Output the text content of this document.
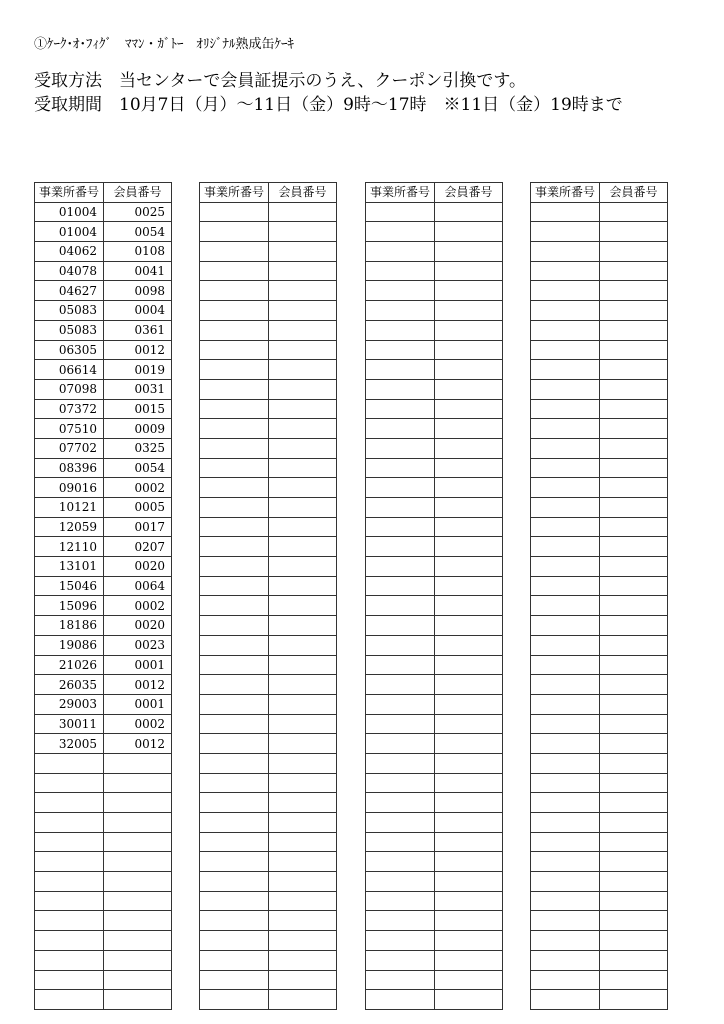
①ｹｰｸ･ｵ･ﾌｨｸﾞ　ﾏﾏﾝ・ｶﾞﾄｰ　ｵﾘｼﾞﾅﾙ熟成缶ｹｰｷ
受取方法　当センターで会員証提示のうえ、クーポン引換です。
受取期間　10月7日（月）～11日（金）9時～17時　※11日（金）19時まで
事業所番号	会員番号
01004	0025
01004	0054
04062	0108
04078	0041
04627	0098
05083	0004
05083	0361
06305	0012
06614	0019
07098	0031
07372	0015
07510	0009
07702	0325
08396	0054
09016	0002
10121	0005
12059	0017
12110	0207
13101	0020
15046	0064
15096	0002
18186	0020
19086	0023
21026	0001
26035	0012
29003	0001
30011	0002
32005	0012

事業所番号	会員番号

		事業所番号	会員番号

		事業所番号	会員番号
